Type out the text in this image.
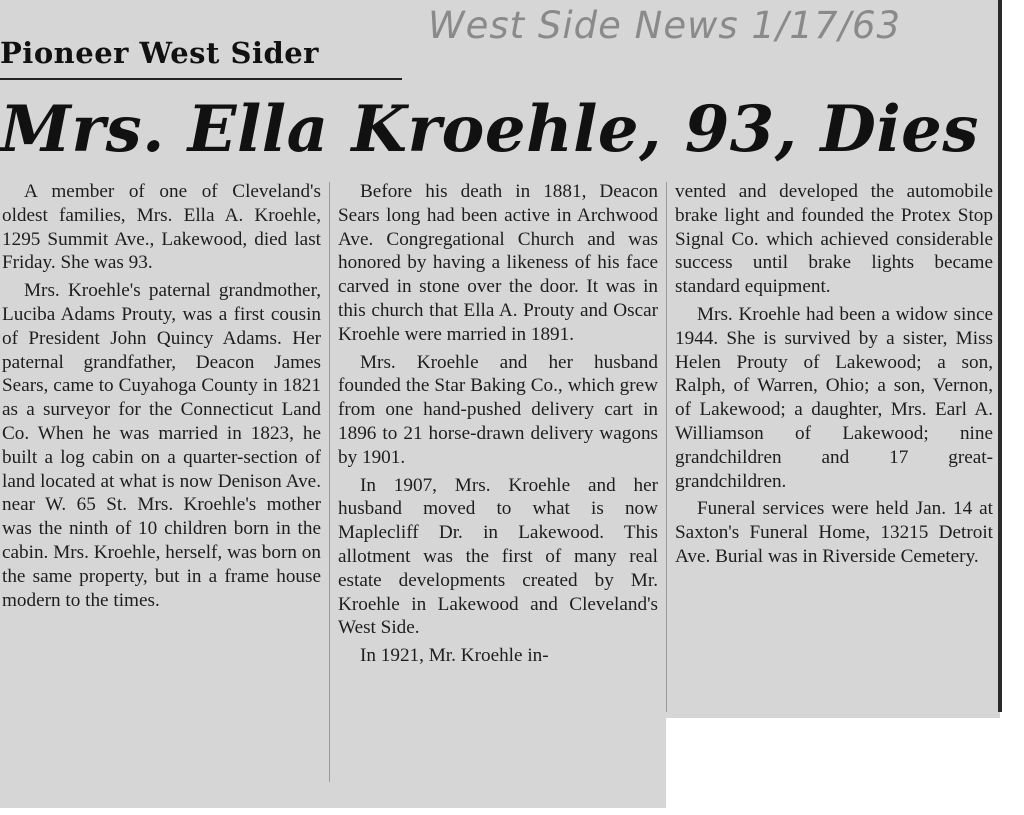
West Side News 1/17/63
Pioneer West Sider
Mrs. Ella Kroehle, 93, Dies

A member of one of Cleveland's oldest families, Mrs. Ella A. Kroehle, 1295 Summit Ave., Lakewood, died last Friday. She was 93.

Mrs. Kroehle's paternal grandmother, Luciba Adams Prouty, was a first cousin of President John Quincy Adams. Her paternal grandfather, Deacon James Sears, came to Cuyahoga County in 1821 as a surveyor for the Connecticut Land Co. When he was married in 1823, he built a log cabin on a quarter-section of land located at what is now Denison Ave. near W. 65 St. Mrs. Kroehle's mother was the ninth of 10 children born in the cabin. Mrs. Kroehle, herself, was born on the same property, but in a frame house modern to the times.

Before his death in 1881, Deacon Sears long had been active in Archwood Ave. Congregational Church and was honored by having a likeness of his face carved in stone over the door. It was in this church that Ella A. Prouty and Oscar Kroehle were married in 1891.

Mrs. Kroehle and her husband founded the Star Baking Co., which grew from one hand-pushed delivery cart in 1896 to 21 horse-drawn delivery wagons by 1901.

In 1907, Mrs. Kroehle and her husband moved to what is now Maplecliff Dr. in Lakewood. This allotment was the first of many real estate developments created by Mr. Kroehle in Lakewood and Cleveland's West Side.

In 1921, Mr. Kroehle in-

vented and developed the automobile brake light and founded the Protex Stop Signal Co. which achieved considerable success until brake lights became standard equipment.

Mrs. Kroehle had been a widow since 1944. She is survived by a sister, Miss Helen Prouty of Lakewood; a son, Ralph, of Warren, Ohio; a son, Vernon, of Lakewood; a daughter, Mrs. Earl A. Williamson of Lakewood; nine grandchildren and 17 great-grandchildren.

Funeral services were held Jan. 14 at Saxton's Funeral Home, 13215 Detroit Ave. Burial was in Riverside Cemetery.
